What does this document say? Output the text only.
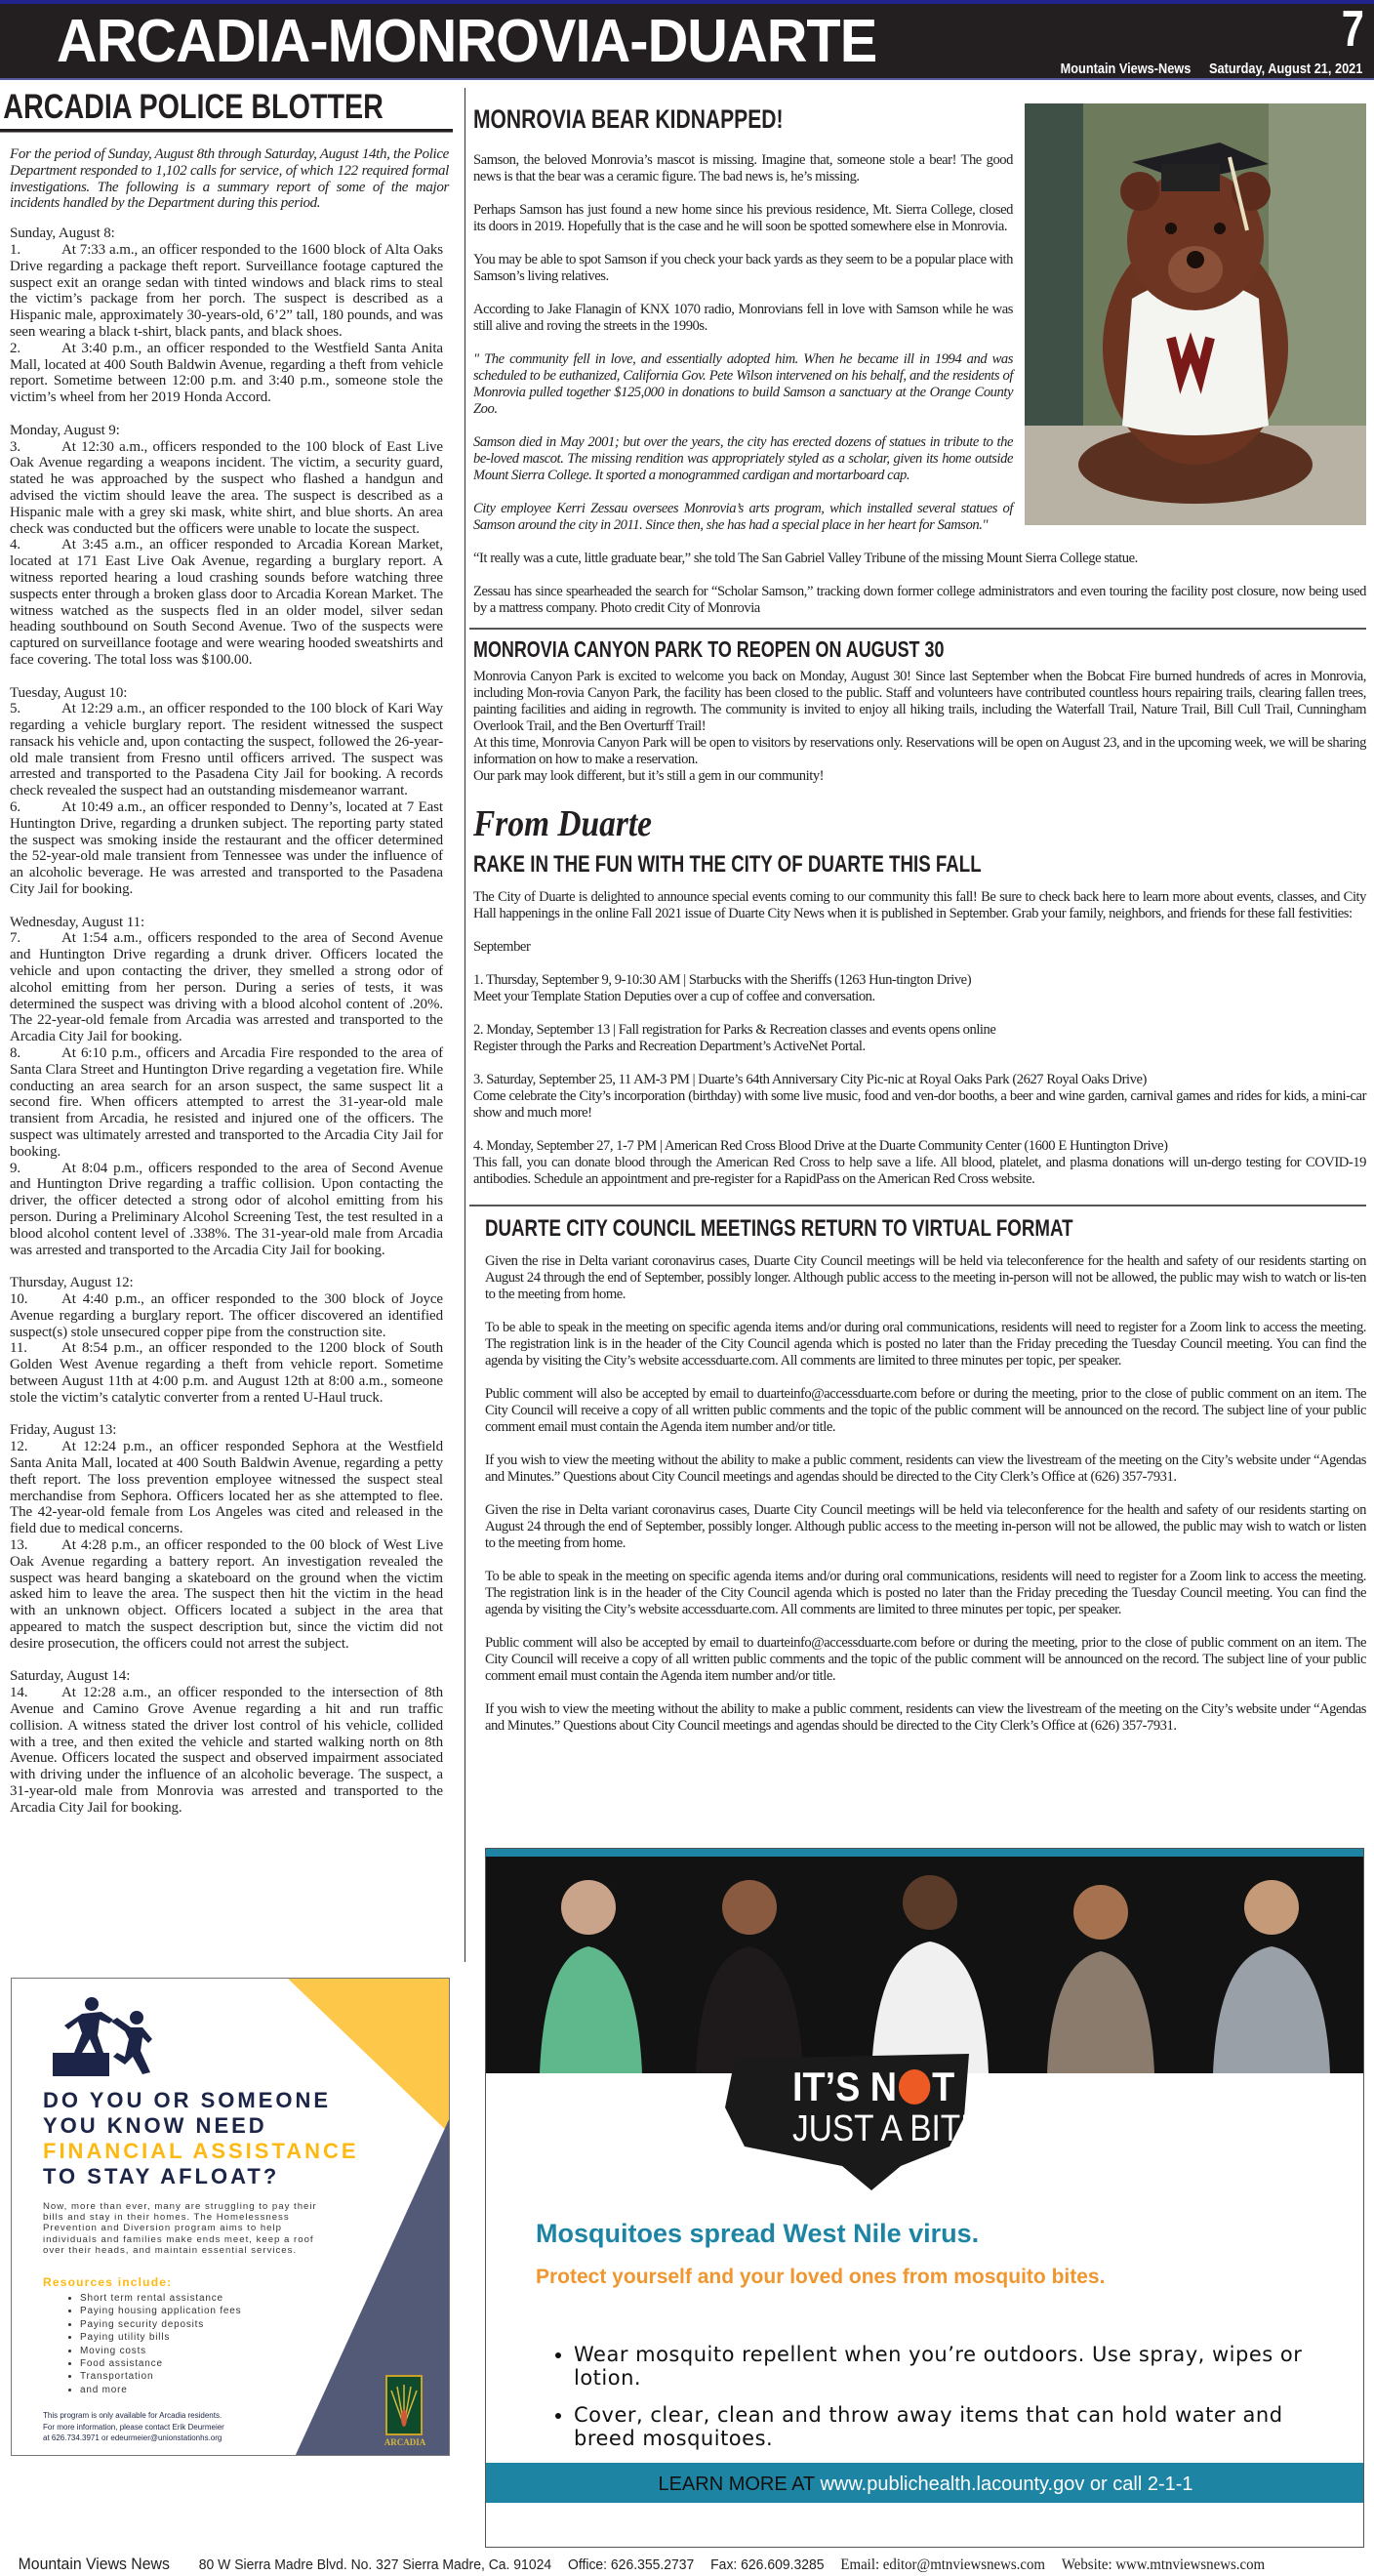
ARCADIA-MONROVIA-DUARTE	7
Mountain Views-News Saturday, August 21, 2021
ARCADIA POLICE BLOTTER

For the period of Sunday, August 8th through Saturday, August 14th, the Police Department responded to 1,102 calls for service, of which 122 required formal investigations. The following is a summary report of some of the major incidents handled by the Department during this period.

Sunday, August 8:
1.	At 7:33 a.m., an officer responded to the 1600 block of Alta Oaks Drive regarding a package theft report. Surveillance footage captured the suspect exit an orange sedan with tinted windows and black rims to steal the victim’s package from her porch. The suspect is described as a Hispanic male, approximately 30-years-old, 6’2” tall, 180 pounds, and was seen wearing a black t-shirt, black pants, and black shoes.
2.	At 3:40 p.m., an officer responded to the Westfield Santa Anita Mall, located at 400 South Baldwin Avenue, regarding a theft from vehicle report. Sometime between 12:00 p.m. and 3:40 p.m., someone stole the victim’s wheel from her 2019 Honda Accord.
Monday, August 9:
3.	At 12:30 a.m., officers responded to the 100 block of East Live Oak Avenue regarding a weapons incident. The victim, a security guard, stated he was approached by the suspect who flashed a handgun and advised the victim should leave the area. The suspect is described as a Hispanic male with a grey ski mask, white shirt, and blue shorts. An area check was conducted but the officers were unable to locate the suspect.
4.	At 3:45 a.m., an officer responded to Arcadia Korean Market, located at 171 East Live Oak Avenue, regarding a burglary report. A witness reported hearing a loud crashing sounds before watching three suspects enter through a broken glass door to Arcadia Korean Market. The witness watched as the suspects fled in an older model, silver sedan heading southbound on South Second Avenue. Two of the suspects were captured on surveillance footage and were wearing hooded sweatshirts and face covering. The total loss was $100.00.
Tuesday, August 10:
5.	At 12:29 a.m., an officer responded to the 100 block of Kari Way regarding a vehicle burglary report. The resident witnessed the suspect ransack his vehicle and, upon contacting the suspect, followed the 26-year-old male transient from Fresno until officers arrived. The suspect was arrested and transported to the Pasadena City Jail for booking. A records check revealed the suspect had an outstanding misdemeanor warrant.
6.	At 10:49 a.m., an officer responded to Denny’s, located at 7 East Huntington Drive, regarding a drunken subject. The reporting party stated the suspect was smoking inside the restaurant and the officer determined the 52-year-old male transient from Tennessee was under the influence of an alcoholic beverage. He was arrested and transported to the Pasadena City Jail for booking.
Wednesday, August 11:
7.	At 1:54 a.m., officers responded to the area of Second Avenue and Huntington Drive regarding a drunk driver. Officers located the vehicle and upon contacting the driver, they smelled a strong odor of alcohol emitting from her person. During a series of tests, it was determined the suspect was driving with a blood alcohol content of .20%. The 22-year-old female from Arcadia was arrested and transported to the Arcadia City Jail for booking.
8.	At 6:10 p.m., officers and Arcadia Fire responded to the area of Santa Clara Street and Huntington Drive regarding a vegetation fire. While conducting an area search for an arson suspect, the same suspect lit a second fire. When officers attempted to arrest the 31-year-old male transient from Arcadia, he resisted and injured one of the officers. The suspect was ultimately arrested and transported to the Arcadia City Jail for booking.
9.	At 8:04 p.m., officers responded to the area of Second Avenue and Huntington Drive regarding a traffic collision. Upon contacting the driver, the officer detected a strong odor of alcohol emitting from his person. During a Preliminary Alcohol Screening Test, the test resulted in a blood alcohol content level of .338%. The 31-year-old male from Arcadia was arrested and transported to the Arcadia City Jail for booking.
Thursday, August 12:
10. At 4:40 p.m., an officer responded to the 300 block of Joyce Avenue regarding a burglary report. The officer discovered an identified suspect(s) stole unsecured copper pipe from the construction site.
11. At 8:54 p.m., an officer responded to the 1200 block of South Golden West Avenue regarding a theft from vehicle report. Sometime between August 11th at 4:00 p.m. and August 12th at 8:00 a.m., someone stole the victim’s catalytic converter from a rented U-Haul truck.
Friday, August 13:
12. At 12:24 p.m., an officer responded Sephora at the Westfield Santa Anita Mall, located at 400 South Baldwin Avenue, regarding a petty theft report. The loss prevention employee witnessed the suspect steal merchandise from Sephora. Officers located her as she attempted to flee. The 42-year-old female from Los Angeles was cited and released in the field due to medical concerns.
13. At 4:28 p.m., an officer responded to the 00 block of West Live Oak Avenue regarding a battery report. An investigation revealed the suspect was heard banging a skateboard on the ground when the victim asked him to leave the area. The suspect then hit the victim in the head with an unknown object. Officers located a subject in the area that appeared to match the suspect description but, since the victim did not desire prosecution, the officers could not arrest the subject.
Saturday, August 14:
14. At 12:28 a.m., an officer responded to the intersection of 8th Avenue and Camino Grove Avenue regarding a hit and run traffic collision. A witness stated the driver lost control of his vehicle, collided with a tree, and then exited the vehicle and started walking north on 8th Avenue. Officers located the suspect and observed impairment associated with driving under the influence of an alcoholic beverage. The suspect, a 31-year-old male from Monrovia was arrested and transported to the Arcadia City Jail for booking.
MONROVIA BEAR KIDNAPPED!

Samson, the beloved Monrovia’s mascot is missing. Imagine that, someone stole a bear! The good news is that the bear was a ceramic figure. The bad news is, he’s missing.

Perhaps Samson has just found a new home since his previous residence, Mt. Sierra College, closed its doors in 2019. Hopefully that is the case and he will soon be spotted somewhere else in Monrovia.

You may be able to spot Samson if you check your back yards as they seem to be a popular place with Samson’s living relatives.

According to Jake Flanagin of KNX 1070 radio, Monrovians fell in love with Samson while he was still alive and roving the streets in the 1990s.

" The community fell in love, and essentially adopted him. When he became ill in 1994 and was scheduled to be euthanized, California Gov. Pete Wilson intervened on his behalf, and the residents of Monrovia pulled together $125,000 in donations to build Samson a sanctuary at the Orange County Zoo.

Samson died in May 2001; but over the years, the city has erected dozens of statues in tribute to the be-loved mascot. The missing rendition was appropriately styled as a scholar, given its home outside Mount Sierra College. It sported a monogrammed cardigan and mortarboard cap.

City employee Kerri Zessau oversees Monrovia’s arts program, which installed several statues of Samson around the city in 2011. Since then, she has had a special place in her heart for Samson."

“It really was a cute, little graduate bear,” she told The San Gabriel Valley Tribune of the missing Mount Sierra College statue.

Zessau has since spearheaded the search for “Scholar Samson,” tracking down former college administrators and even touring the facility post closure, now being used by a mattress company. Photo credit City of Monrovia

MONROVIA CANYON PARK TO REOPEN ON AUGUST 30

Monrovia Canyon Park is excited to welcome you back on Monday, August 30! Since last September when the Bobcat Fire burned hundreds of acres in Monrovia, including Mon-rovia Canyon Park, the facility has been closed to the public. Staff and volunteers have contributed countless hours repairing trails, clearing fallen trees, painting facilities and aiding in regrowth. The community is invited to enjoy all hiking trails, including the Waterfall Trail, Nature Trail, Bill Cull Trail, Cunningham Overlook Trail, and the Ben Overturff Trail!

At this time, Monrovia Canyon Park will be open to visitors by reservations only. Reservations will be open on August 23, and in the upcoming week, we will be sharing information on how to make a reservation.

Our park may look different, but it’s still a gem in our community!

From Duarte
RAKE IN THE FUN WITH THE CITY OF DUARTE THIS FALL

The City of Duarte is delighted to announce special events coming to our community this fall! Be sure to check back here to learn more about events, classes, and City Hall happenings in the online Fall 2021 issue of Duarte City News when it is published in September. Grab your family, neighbors, and friends for these fall festivities:

September

1. Thursday, September 9, 9-10:30 AM | Starbucks with the Sheriffs (1263 Hun-tington Drive)
Meet your Template Station Deputies over a cup of coffee and conversation.

2. Monday, September 13 | Fall registration for Parks & Recreation classes and events opens online
Register through the Parks and Recreation Department’s ActiveNet Portal.

3. Saturday, September 25, 11 AM-3 PM | Duarte’s 64th Anniversary City Pic-nic at Royal Oaks Park (2627 Royal Oaks Drive)
Come celebrate the City’s incorporation (birthday) with some live music, food and ven-dor booths, a beer and wine garden, carnival games and rides for kids, a mini-car show and much more!

4. Monday, September 27, 1-7 PM | American Red Cross Blood Drive at the Duarte Community Center (1600 E Huntington Drive)
This fall, you can donate blood through the American Red Cross to help save a life. All blood, platelet, and plasma donations will un-dergo testing for COVID-19 antibodies. Schedule an appointment and pre-register for a RapidPass on the American Red Cross website.

DUARTE CITY COUNCIL MEETINGS RETURN TO VIRTUAL FORMAT

Given the rise in Delta variant coronavirus cases, Duarte City Council meetings will be held via teleconference for the health and safety of our residents starting on August 24 through the end of September, possibly longer. Although public access to the meeting in-person will not be allowed, the public may wish to watch or lis-ten to the meeting from home.

To be able to speak in the meeting on specific agenda items and/or during oral communications, residents will need to register for a Zoom link to access the meeting. The registration link is in the header of the City Council agenda which is posted no later than the Friday preceding the Tuesday Council meeting. You can find the agenda by visiting the City’s website accessduarte.com. All comments are limited to three minutes per topic, per speaker.

Public comment will also be accepted by email to duarteinfo@accessduarte.com before or during the meeting, prior to the close of public comment on an item. The City Council will receive a copy of all written public comments and the topic of the public comment will be announced on the record. The subject line of your public comment email must contain the Agenda item number and/or title.

If you wish to view the meeting without the ability to make a public comment, residents can view the livestream of the meeting on the City’s website under “Agendas and Minutes.” Questions about City Council meetings and agendas should be directed to the City Clerk’s Office at (626) 357-7931.

Given the rise in Delta variant coronavirus cases, Duarte City Council meetings will be held via teleconference for the health and safety of our residents starting on August 24 through the end of September, possibly longer. Although public access to the meeting in-person will not be allowed, the public may wish to watch or listen to the meeting from home.

To be able to speak in the meeting on specific agenda items and/or during oral communications, residents will need to register for a Zoom link to access the meeting. The registration link is in the header of the City Council agenda which is posted no later than the Friday preceding the Tuesday Council meeting. You can find the agenda by visiting the City’s website accessduarte.com. All comments are limited to three minutes per topic, per speaker.

Public comment will also be accepted by email to duarteinfo@accessduarte.com before or during the meeting, prior to the close of public comment on an item. The City Council will receive a copy of all written public comments and the topic of the public comment will be announced on the record. The subject line of your public comment email must contain the Agenda item number and/or title.

If you wish to view the meeting without the ability to make a public comment, residents can view the livestream of the meeting on the City’s website under “Agendas and Minutes.” Questions about City Council meetings and agendas should be directed to the City Clerk’s Office at (626) 357-7931.

DO YOU OR SOMEONE
YOU KNOW NEED
FINANCIAL ASSISTANCE
TO STAY AFLOAT?
Now, more than ever, many are struggling to pay their bills and stay in their homes. The Homelessness Prevention and Diversion program aims to help individuals and families make ends meet, keep a roof over their heads, and maintain essential services.
Resources include:
• Short term rental assistance
• Paying housing application fees
• Paying security deposits
• Paying utility bills
• Moving costs
• Food assistance
• Transportation
• and more
This program is only available for Arcadia residents.
For more information, please contact Erik Deurmeier
at 626.734.3971 or edeurmeier@unionstationhs.org	ARCADIA
IT’S N T
JUST A BITE
Mosquitoes spread West Nile virus.
Protect yourself and your loved ones from mosquito bites.
• Wear mosquito repellent when you’re outdoors. Use spray, wipes or lotion.
• Cover, clear, clean and throw away items that can hold water and breed mosquitoes.
LEARN MORE AT www.publichealth.lacounty.gov or call 2-1-1
Mountain Views News 80 W Sierra Madre Blvd. No. 327 Sierra Madre, Ca. 91024 Office: 626.355.2737 Fax: 626.609.3285 Email: editor@mtnviewsnews.com Website: www.mtnviewsnews.com
